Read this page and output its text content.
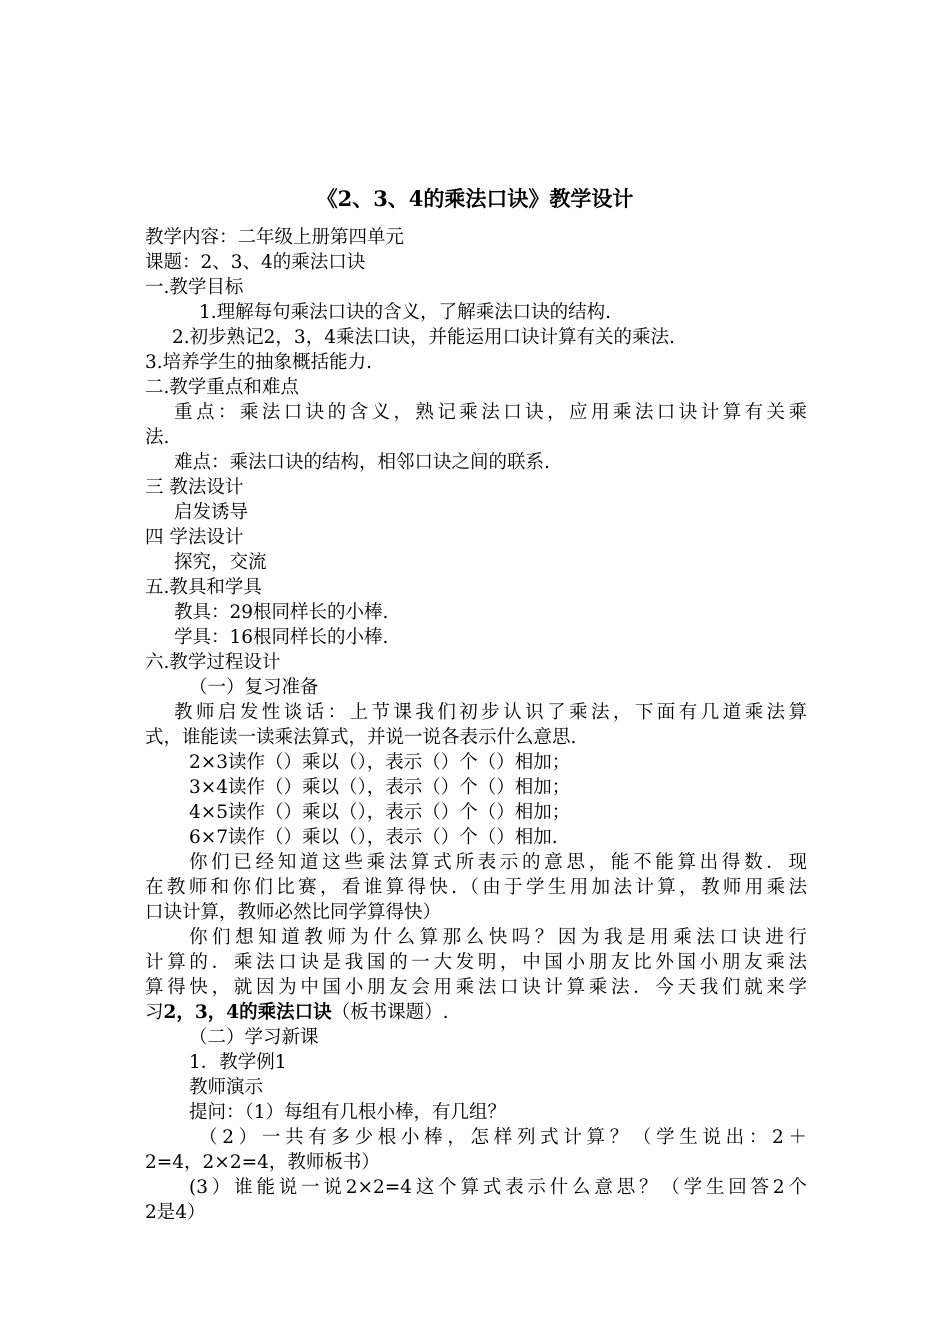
《2、3、4的乘法口诀》教学设计
教学内容：二年级上册第四单元
课题：2、3、4的乘法口诀
一.教学目标
1.理解每句乘法口诀的含义，了解乘法口诀的结构.
2.初步熟记2，3，4乘法口诀，并能运用口诀计算有关的乘法.
3.培养学生的抽象概括能力.
二.教学重点和难点
重点：乘法口诀的含义，熟记乘法口诀，应用乘法口诀计算有关乘
法.
难点：乘法口诀的结构，相邻口诀之间的联系.
三 教法设计
启发诱导
四 学法设计
探究，交流
五.教具和学具
教具：29根同样长的小棒.
学具：16根同样长的小棒.
六.教学过程设计
（一）复习准备
教师启发性谈话：上节课我们初步认识了乘法，下面有几道乘法算
式，谁能读一读乘法算式，并说一说各表示什么意思.
2×3读作（）乘以（），表示（）个（）相加；
3×4读作（）乘以（），表示（）个（）相加；
4×5读作（）乘以（），表示（）个（）相加；
6×7读作（）乘以（），表示（）个（）相加.
你们已经知道这些乘法算式所表示的意思，能不能算出得数．现
在教师和你们比赛，看谁算得快.（由于学生用加法计算，教师用乘法
口诀计算，教师必然比同学算得快）
你们想知道教师为什么算那么快吗？因为我是用乘法口诀进行
计算的．乘法口诀是我国的一大发明，中国小朋友比外国小朋友乘法
算得快，就因为中国小朋友会用乘法口诀计算乘法．今天我们就来学
习2，3，4的乘法口诀（板书课题）.
（二）学习新课
1．教学例1
教师演示
提问：（1）每组有几根小棒，有几组？
（2）一共有多少根小棒，怎样列式计算？（学生说出：2＋
2=4，2×2=4，教师板书）
(3）谁能说一说2×2=4这个算式表示什么意思？（学生回答2个
2是4）
